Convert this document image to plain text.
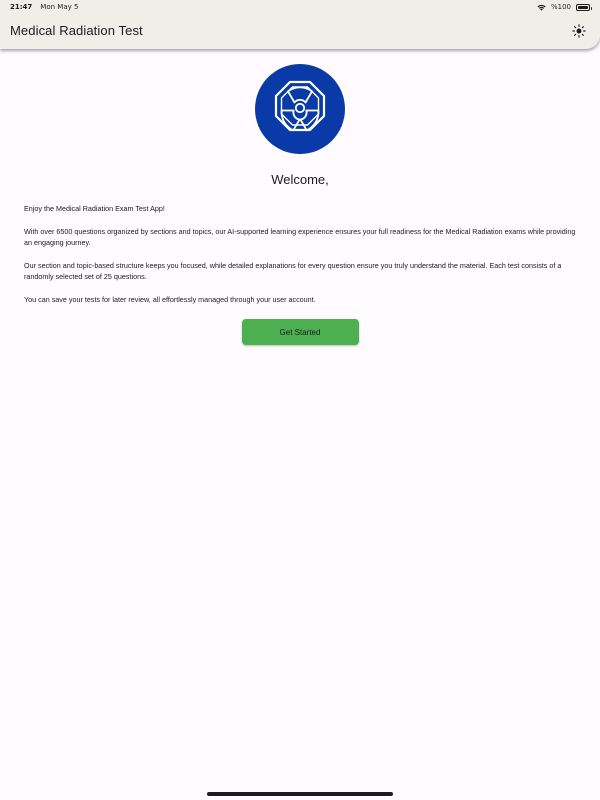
21:47 Mon May 5	%100
Medical Radiation Test
Welcome,

Enjoy the Medical Radiation Exam Test App!

With over 6500 questions organized by sections and topics, our AI-supported learning experience ensures your full readiness for the Medical Radiation exams while providing an engaging journey.

Our section and topic-based structure keeps you focused, while detailed explanations for every question ensure you truly understand the material. Each test consists of a randomly selected set of 25 questions.

You can save your tests for later review, all effortlessly managed through your user account.

Get Started
